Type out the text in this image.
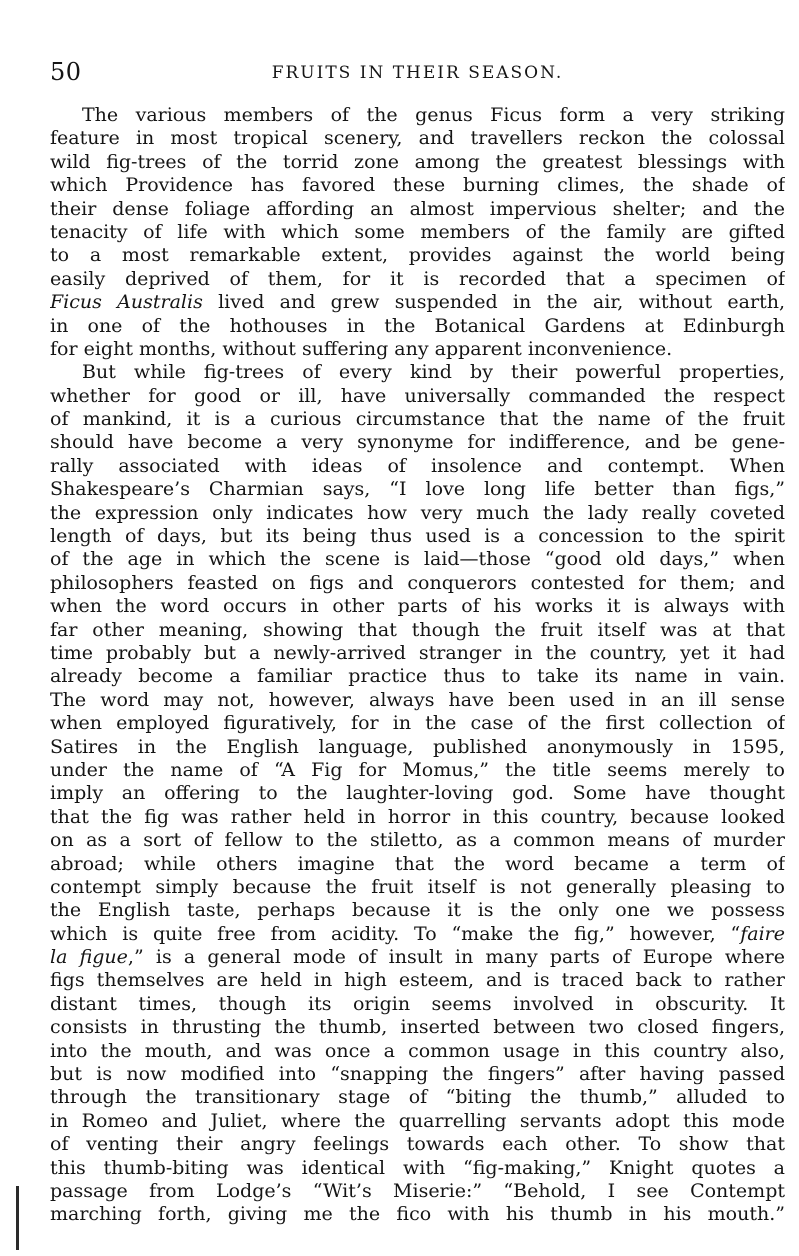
50	FRUITS IN THEIR SEASON.
The various members of the genus Ficus form a very striking
feature in most tropical scenery, and travellers reckon the colossal
wild fig-trees of the torrid zone among the greatest blessings with
which Providence has favored these burning climes, the shade of
their dense foliage affording an almost impervious shelter; and the
tenacity of life with which some members of the family are gifted
to a most remarkable extent, provides against the world being
easily deprived of them, for it is recorded that a specimen of
Ficus Australis lived and grew suspended in the air, without earth,
in one of the hothouses in the Botanical Gardens at Edinburgh
for eight months, without suffering any apparent inconvenience.
But while fig-trees of every kind by their powerful properties,
whether for good or ill, have universally commanded the respect
of mankind, it is a curious circumstance that the name of the fruit
should have become a very synonyme for indifference, and be gene-
rally associated with ideas of insolence and contempt. When
Shakespeare’s Charmian says, “I love long life better than figs,”
the expression only indicates how very much the lady really coveted
length of days, but its being thus used is a concession to the spirit
of the age in which the scene is laid—those “good old days,” when
philosophers feasted on figs and conquerors contested for them; and
when the word occurs in other parts of his works it is always with
far other meaning, showing that though the fruit itself was at that
time probably but a newly-arrived stranger in the country, yet it had
already become a familiar practice thus to take its name in vain.
The word may not, however, always have been used in an ill sense
when employed figuratively, for in the case of the first collection of
Satires in the English language, published anonymously in 1595,
under the name of “A Fig for Momus,” the title seems merely to
imply an offering to the laughter-loving god. Some have thought
that the fig was rather held in horror in this country, because looked
on as a sort of fellow to the stiletto, as a common means of murder
abroad; while others imagine that the word became a term of
contempt simply because the fruit itself is not generally pleasing to
the English taste, perhaps because it is the only one we possess
which is quite free from acidity. To “make the fig,” however, “faire
la figue,” is a general mode of insult in many parts of Europe where
figs themselves are held in high esteem, and is traced back to rather
distant times, though its origin seems involved in obscurity. It
consists in thrusting the thumb, inserted between two closed fingers,
into the mouth, and was once a common usage in this country also,
but is now modified into “snapping the fingers” after having passed
through the transitionary stage of “biting the thumb,” alluded to
in Romeo and Juliet, where the quarrelling servants adopt this mode
of venting their angry feelings towards each other. To show that
this thumb-biting was identical with “fig-making,” Knight quotes a
passage from Lodge’s “Wit’s Miserie:” “Behold, I see Contempt
marching forth, giving me the fico with his thumb in his mouth.”
